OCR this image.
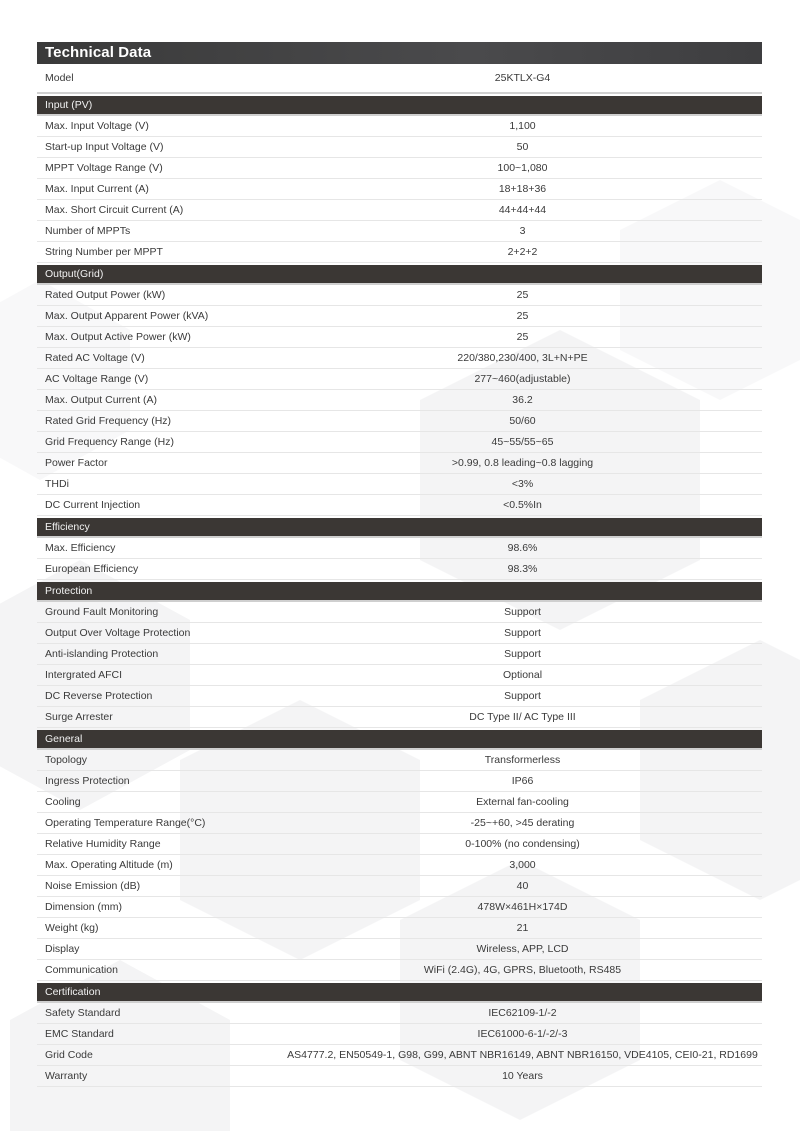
Technical Data
Model	25KTLX-G4
Input (PV)
Max. Input Voltage (V)	1,100
Start-up Input Voltage (V)	50
MPPT Voltage Range (V)	100~1,080
Max. Input Current (A)	18+18+36
Max. Short Circuit Current (A)	44+44+44
Number of MPPTs	3
String Number per MPPT	2+2+2
Output(Grid)
Rated Output Power (kW)	25
Max. Output Apparent Power (kVA)	25
Max. Output Active Power (kW)	25
Rated AC Voltage (V)	220/380,230/400, 3L+N+PE
AC Voltage Range (V)	277~460(adjustable)
Max. Output Current (A)	36.2
Rated Grid Frequency (Hz)	50/60
Grid Frequency Range (Hz)	45~55/55~65
Power Factor	>0.99, 0.8 leading~0.8 lagging
THDi	<3%
DC Current Injection	<0.5%In
Efficiency
Max. Efficiency	98.6%
European Efficiency	98.3%
Protection
Ground Fault Monitoring	Support
Output Over Voltage Protection	Support
Anti-islanding Protection	Support
Intergrated AFCI	Optional
DC Reverse Protection	Support
Surge Arrester	DC Type II/ AC Type III
General
Topology	Transformerless
Ingress Protection	IP66
Cooling	External fan-cooling
Operating Temperature Range(°C)	-25~+60, >45 derating
Relative Humidity Range	0-100% (no condensing)
Max. Operating Altitude (m)	3,000
Noise Emission (dB)	40
Dimension (mm)	478W×461H×174D
Weight (kg)	21
Display	Wireless, APP, LCD
Communication	WiFi (2.4G), 4G, GPRS, Bluetooth, RS485
Certification
Safety Standard	IEC62109-1/-2
EMC Standard	IEC61000-6-1/-2/-3
Grid Code	AS4777.2, EN50549-1, G98, G99, ABNT NBR16149, ABNT NBR16150, VDE4105, CEI0-21, RD1699
Warranty	10 Years
